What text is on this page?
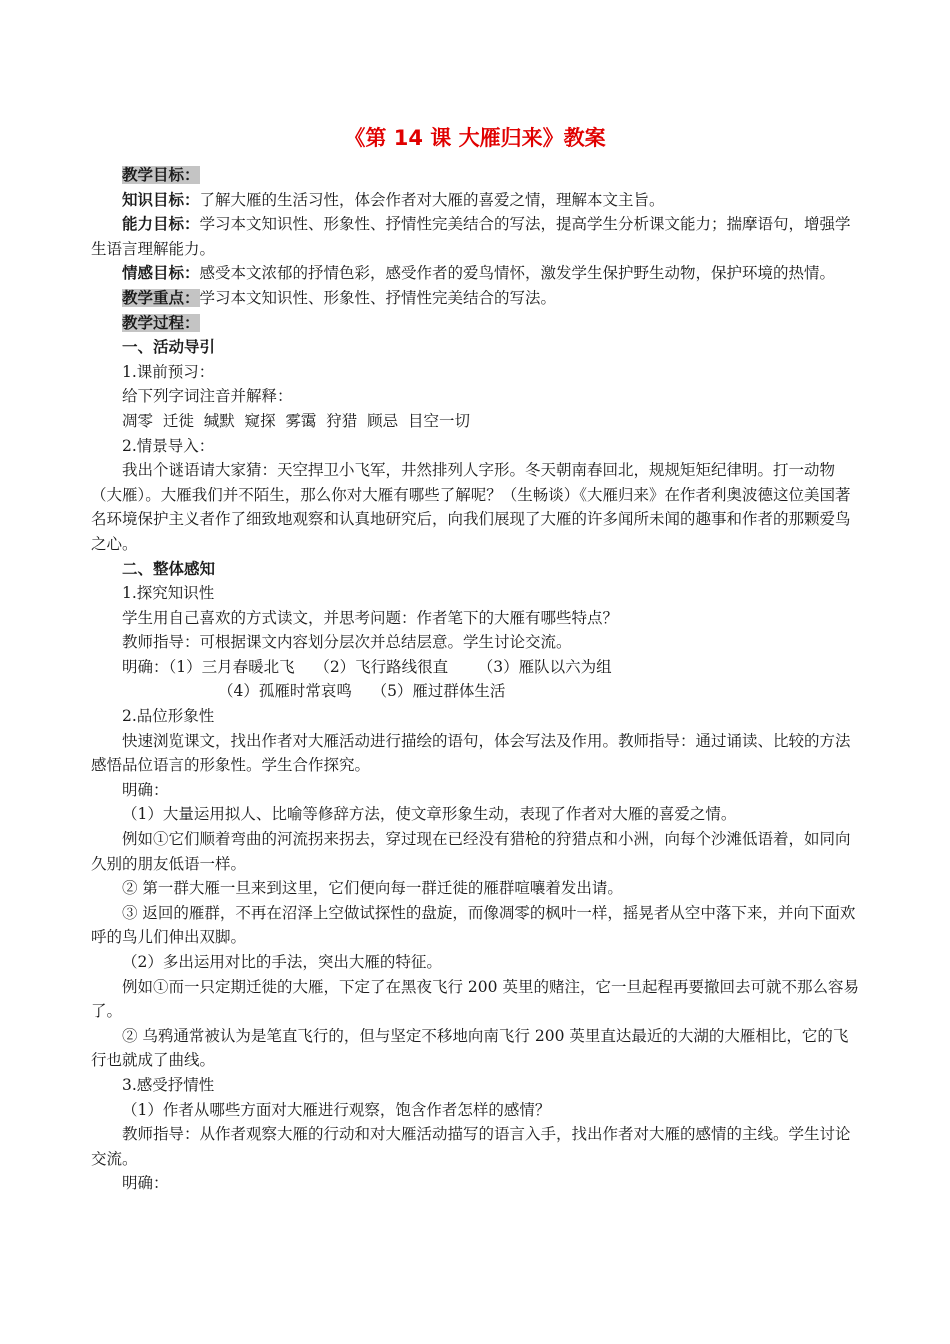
《第 14 课 大雁归来》教案

教学目标：

知识目标：了解大雁的生活习性，体会作者对大雁的喜爱之情，理解本文主旨。

能力目标：学习本文知识性、形象性、抒情性完美结合的写法，提高学生分析课文能力；揣摩语句，增强学生语言理解能力。

情感目标：感受本文浓郁的抒情色彩，感受作者的爱鸟情怀，激发学生保护野生动物，保护环境的热情。

教学重点：学习本文知识性、形象性、抒情性完美结合的写法。

教学过程：

一、活动导引

1.课前预习：

给下列字词注音并解释：

凋零  迁徙  缄默  窥探  雾霭  狩猎  顾忌  目空一切

2.情景导入：

我出个谜语请大家猜：天空捍卫小飞军，井然排列人字形。冬天朝南春回北，规规矩矩纪律明。打一动物（大雁）。大雁我们并不陌生，那么你对大雁有哪些了解呢？（生畅谈）《大雁归来》在作者利奥波德这位美国著名环境保护主义者作了细致地观察和认真地研究后，向我们展现了大雁的许多闻所未闻的趣事和作者的那颗爱鸟之心。

二、整体感知

1.探究知识性

学生用自己喜欢的方式读文，并思考问题：作者笔下的大雁有哪些特点？

教师指导：可根据课文内容划分层次并总结层意。学生讨论交流。

明确：（1）三月春暖北飞    （2）飞行路线很直      （3）雁队以六为组

（4）孤雁时常哀鸣    （5）雁过群体生活

2.品位形象性

快速浏览课文，找出作者对大雁活动进行描绘的语句，体会写法及作用。教师指导：通过诵读、比较的方法感悟品位语言的形象性。学生合作探究。

明确：

（1）大量运用拟人、比喻等修辞方法，使文章形象生动，表现了作者对大雁的喜爱之情。

例如①它们顺着弯曲的河流拐来拐去，穿过现在已经没有猎枪的狩猎点和小洲，向每个沙滩低语着，如同向久别的朋友低语一样。

② 第一群大雁一旦来到这里，它们便向每一群迁徙的雁群喧嚷着发出请。

③ 返回的雁群，不再在沼泽上空做试探性的盘旋，而像凋零的枫叶一样，摇晃者从空中落下来，并向下面欢呼的鸟儿们伸出双脚。

（2）多出运用对比的手法，突出大雁的特征。

例如①而一只定期迁徙的大雁，下定了在黑夜飞行 200 英里的赌注，它一旦起程再要撤回去可就不那么容易了。

② 乌鸦通常被认为是笔直飞行的，但与坚定不移地向南飞行 200 英里直达最近的大湖的大雁相比，它的飞行也就成了曲线。

3.感受抒情性

（1）作者从哪些方面对大雁进行观察，饱含作者怎样的感情？

教师指导：从作者观察大雁的行动和对大雁活动描写的语言入手，找出作者对大雁的感情的主线。学生讨论交流。

明确：
